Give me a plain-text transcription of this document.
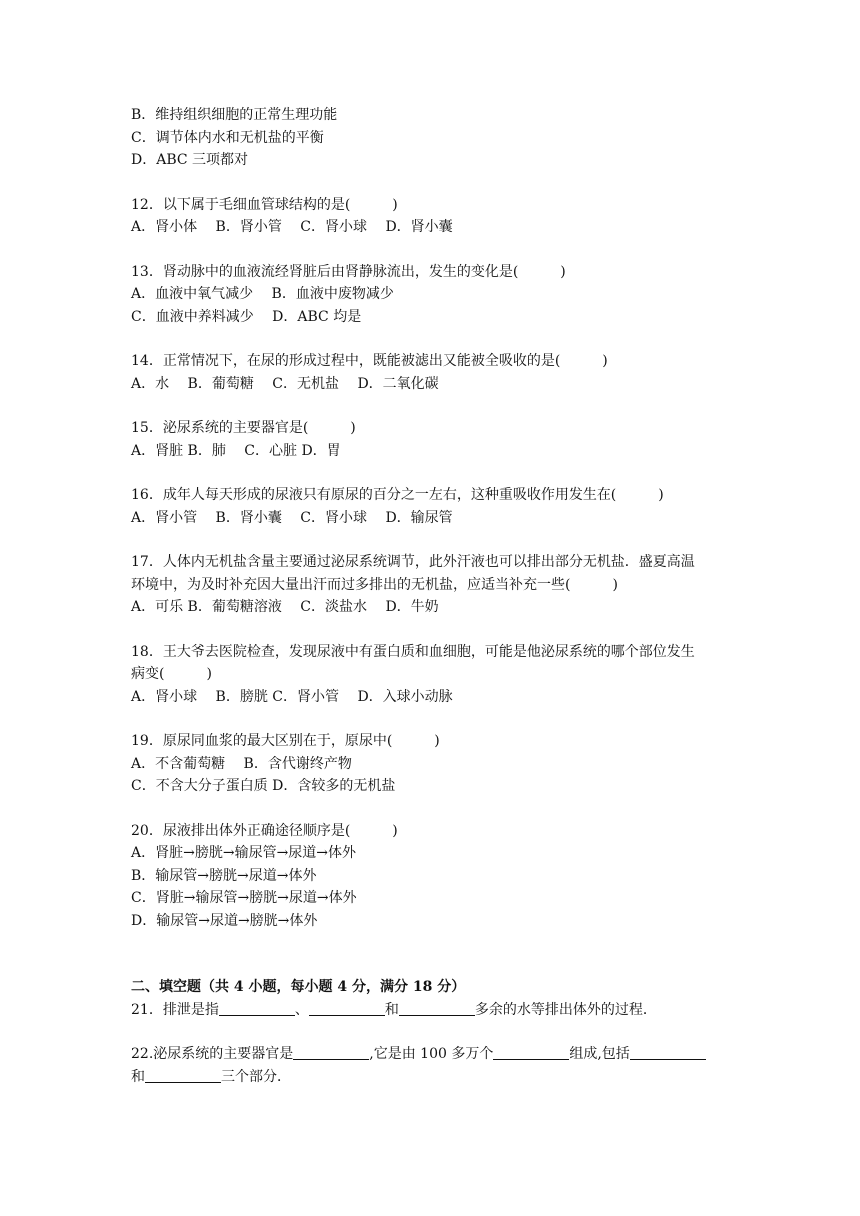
B．维持组织细胞的正常生理功能
C．调节体内水和无机盐的平衡
D．ABC 三项都对
12．以下属于毛细血管球结构的是(　　　)
A．肾小体　 B．肾小管　 C．肾小球　 D．肾小囊
13．肾动脉中的血液流经肾脏后由肾静脉流出，发生的变化是(　　　)
A．血液中氧气减少　 B．血液中废物减少
C．血液中养料减少　 D．ABC 均是
14．正常情况下，在尿的形成过程中，既能被滤出又能被全吸收的是(　　　)
A．水　 B．葡萄糖　 C．无机盐　 D．二氧化碳
15．泌尿系统的主要器官是(　　　)
A．肾脏 B．肺　 C．心脏 D．胃
16．成年人每天形成的尿液只有原尿的百分之一左右，这种重吸收作用发生在(　　　)
A．肾小管　 B．肾小囊　 C．肾小球　 D．输尿管
17．人体内无机盐含量主要通过泌尿系统调节，此外汗液也可以排出部分无机盐．盛夏高温
环境中，为及时补充因大量出汗而过多排出的无机盐，应适当补充一些(　　　)
A．可乐 B．葡萄糖溶液　 C．淡盐水　 D．牛奶
18．王大爷去医院检查，发现尿液中有蛋白质和血细胞，可能是他泌尿系统的哪个部位发生
病变(　　　)
A．肾小球　 B．膀胱 C．肾小管　 D．入球小动脉
19．原尿同血浆的最大区别在于，原尿中(　　　)
A．不含葡萄糖　 B．含代谢终产物
C．不含大分子蛋白质 D．含较多的无机盐
20．尿液排出体外正确途径顺序是(　　　)
A．肾脏→膀胱→输尿管→尿道→体外
B．输尿管→膀胱→尿道→体外
C．肾脏→输尿管→膀胱→尿道→体外
D．输尿管→尿道→膀胱→体外
二、填空题（共 4 小题，每小题 4 分，满分 18 分）
21．排泄是指	、	和	多余的水等排出体外的过程．
22.泌尿系统的主要器官是	,它是由 100 多万个	组成,包括
和	三个部分．
